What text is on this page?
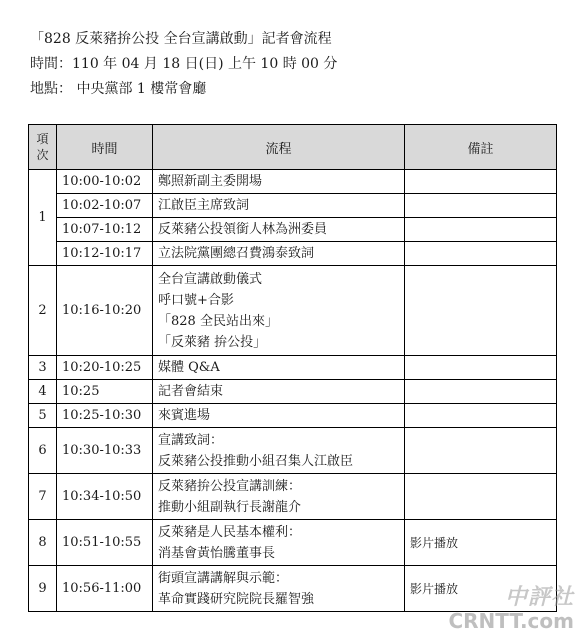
「828 反萊豬拚公投 全台宣講啟動」記者會流程
時間：110 年 04 月 18 日(日) 上午 10 時 00 分
地點： 中央黨部 1 樓常會廳
項
次	時間	流程	備註
1	10:00-10:02	鄭照新副主委開場	

	10:02-10:07	江啟臣主席致詞	

	10:07-10:12	反萊豬公投領銜人林為洲委員	

	10:12-10:17	立法院黨團總召費鴻泰致詞	

2	10:16-10:20	全台宣講啟動儀式
呼口號+合影
「828 全民站出來」
「反萊豬 拚公投」	

3	10:20-10:25	媒體 Q&A	

4	10:25	記者會結束	

5	10:25-10:30	來賓進場	

6	10:30-10:33	宣講致詞：
反萊豬公投推動小組召集人江啟臣	

7	10:34-10:50	反萊豬拚公投宣講訓練：
推動小組副執行長謝龍介	

8	10:51-10:55	反萊豬是人民基本權利：
消基會黃怡騰董事長	影片播放
9	10:56-11:00	街頭宣講講解與示範：
革命實踐研究院院長羅智強	影片播放	中評社
CRNTT.com
